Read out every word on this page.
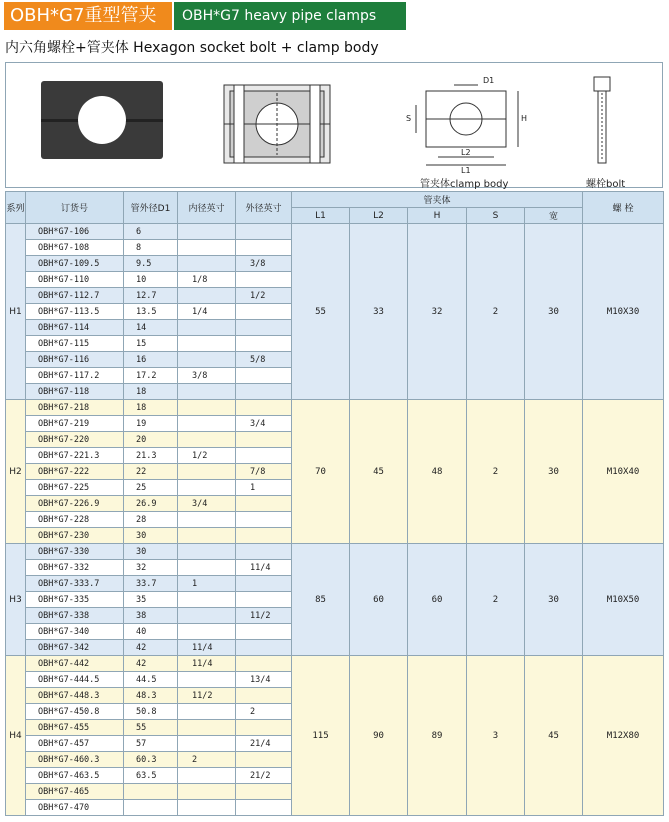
OBH*G7重型管夹	OBH*G7 heavy pipe clamps
内六角螺栓+管夹体 Hexagon socket bolt + clamp body
D1
S	H
L2
L1
管夹体clamp body	螺栓bolt
系列	订货号	管外径D1	内径英寸	外径英寸	管夹体					螺 栓
					L1	L2	H	S	宽	
H1	OBH*G7-106	6			55	33	32	2	30	M10X30
	OBH*G7-108	8								
	OBH*G7-109.5	9.5		3/8						
	OBH*G7-110	10	1/8							
	OBH*G7-112.7	12.7		1/2						
	OBH*G7-113.5	13.5	1/4							
	OBH*G7-114	14								
	OBH*G7-115	15								
	OBH*G7-116	16		5/8						
	OBH*G7-117.2	17.2	3/8							
	OBH*G7-118	18								
H2	OBH*G7-218	18			70	45	48	2	30	M10X40
	OBH*G7-219	19		3/4						
	OBH*G7-220	20								
	OBH*G7-221.3	21.3	1/2							
	OBH*G7-222	22		7/8						
	OBH*G7-225	25		1						
	OBH*G7-226.9	26.9	3/4							
	OBH*G7-228	28								
	OBH*G7-230	30								
H3	OBH*G7-330	30			85	60	60	2	30	M10X50
	OBH*G7-332	32		11/4						
	OBH*G7-333.7	33.7	1							
	OBH*G7-335	35								
	OBH*G7-338	38		11/2						
	OBH*G7-340	40								
	OBH*G7-342	42	11/4							
H4	OBH*G7-442	42	11/4		115	90	89	3	45	M12X80
	OBH*G7-444.5	44.5		13/4						
	OBH*G7-448.3	48.3	11/2							
	OBH*G7-450.8	50.8		2						
	OBH*G7-455	55								
	OBH*G7-457	57		21/4						
	OBH*G7-460.3	60.3	2							
	OBH*G7-463.5	63.5		21/2						
	OBH*G7-465									
	OBH*G7-470									
